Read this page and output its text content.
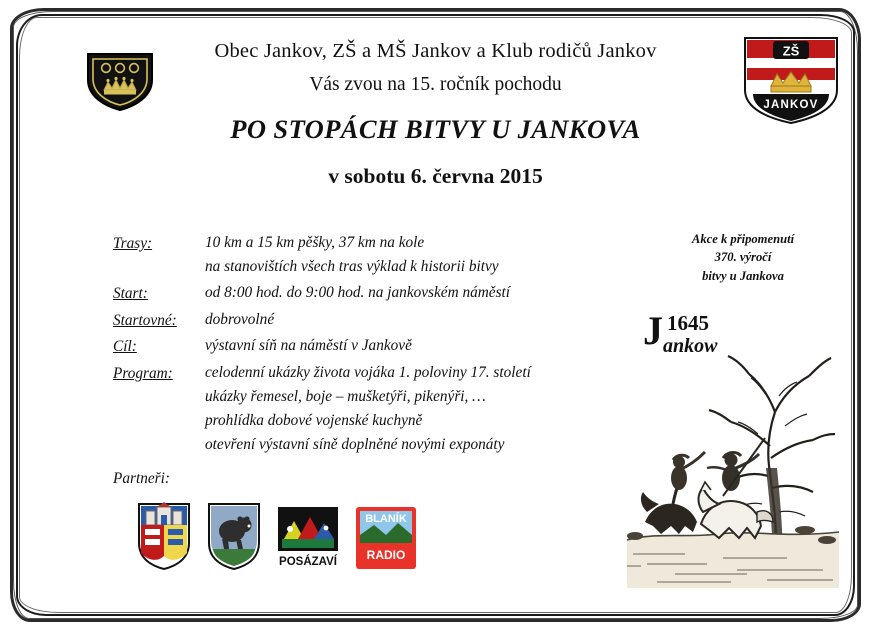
ZŠ
JANKOV
Obec Jankov, ZŠ a MŠ Jankov a Klub rodičů Jankov
Vás zvou na 15. ročník pochodu
PO STOPÁCH BITVY U JANKOVA
v sobotu 6. června 2015
Trasy:	10 km a 15 km pěšky, 37 km na kole
na stanovištích všech tras výklad k historii bitvy
Start:	od 8:00 hod. do 9:00 hod. na jankovském náměstí
Startovné:	dobrovolné
Cíl:	výstavní síň na náměstí v Jankově
Program:	celodenní ukázky života vojáka 1. poloviny 17. století
ukázky řemesel, boje – mušketýři, pikenýři, …
prohlídka dobové vojenské kuchyně
otevření výstavní síně doplněné novými exponáty
Partneři:
POSÁZAVÍ
BLANÍK
RADIO
Akce k připomenutí
370. výročí
bitvy u Jankova
J 1645
ankow
